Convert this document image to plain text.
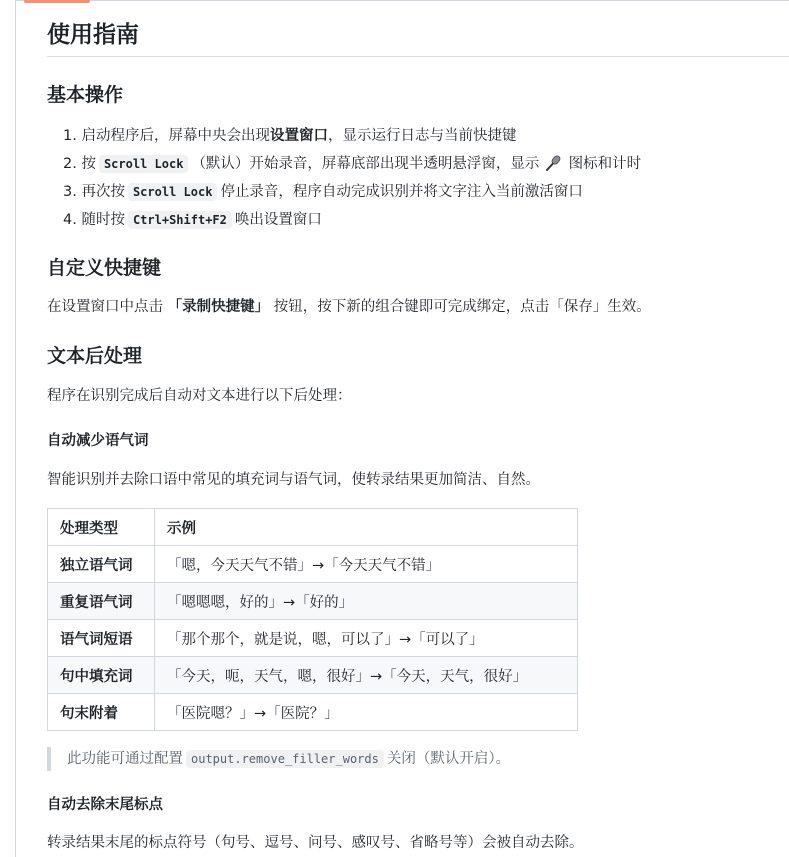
使用指南
基本操作
1. 启动程序后，屏幕中央会出现设置窗口，显示运行日志与当前快捷键
2. 按 Scroll Lock （默认）开始录音，屏幕底部出现半透明悬浮窗，显示 图标和计时
3. 再次按 Scroll Lock 停止录音，程序自动完成识别并将文字注入当前激活窗口
4. 随时按 Ctrl+Shift+F2 唤出设置窗口
自定义快捷键

在设置窗口中点击 「录制快捷键」 按钮，按下新的组合键即可完成绑定，点击「保存」生效。

文本后处理

程序在识别完成后自动对文本进行以下后处理：

自动减少语气词

智能识别并去除口语中常见的填充词与语气词，使转录结果更加简洁、自然。

处理类型	示例
独立语气词	「嗯，今天天气不错」→「今天天气不错」
重复语气词	「嗯嗯嗯，好的」→「好的」
语气词短语	「那个那个，就是说，嗯，可以了」→「可以了」
句中填充词	「今天，呃，天气，嗯，很好」→「今天，天气，很好」
句末附着	「医院嗯？」→「医院？」
此功能可通过配置 output.remove_filler_words 关闭（默认开启）。
自动去除末尾标点

转录结果末尾的标点符号（句号、逗号、问号、感叹号、省略号等）会被自动去除。
